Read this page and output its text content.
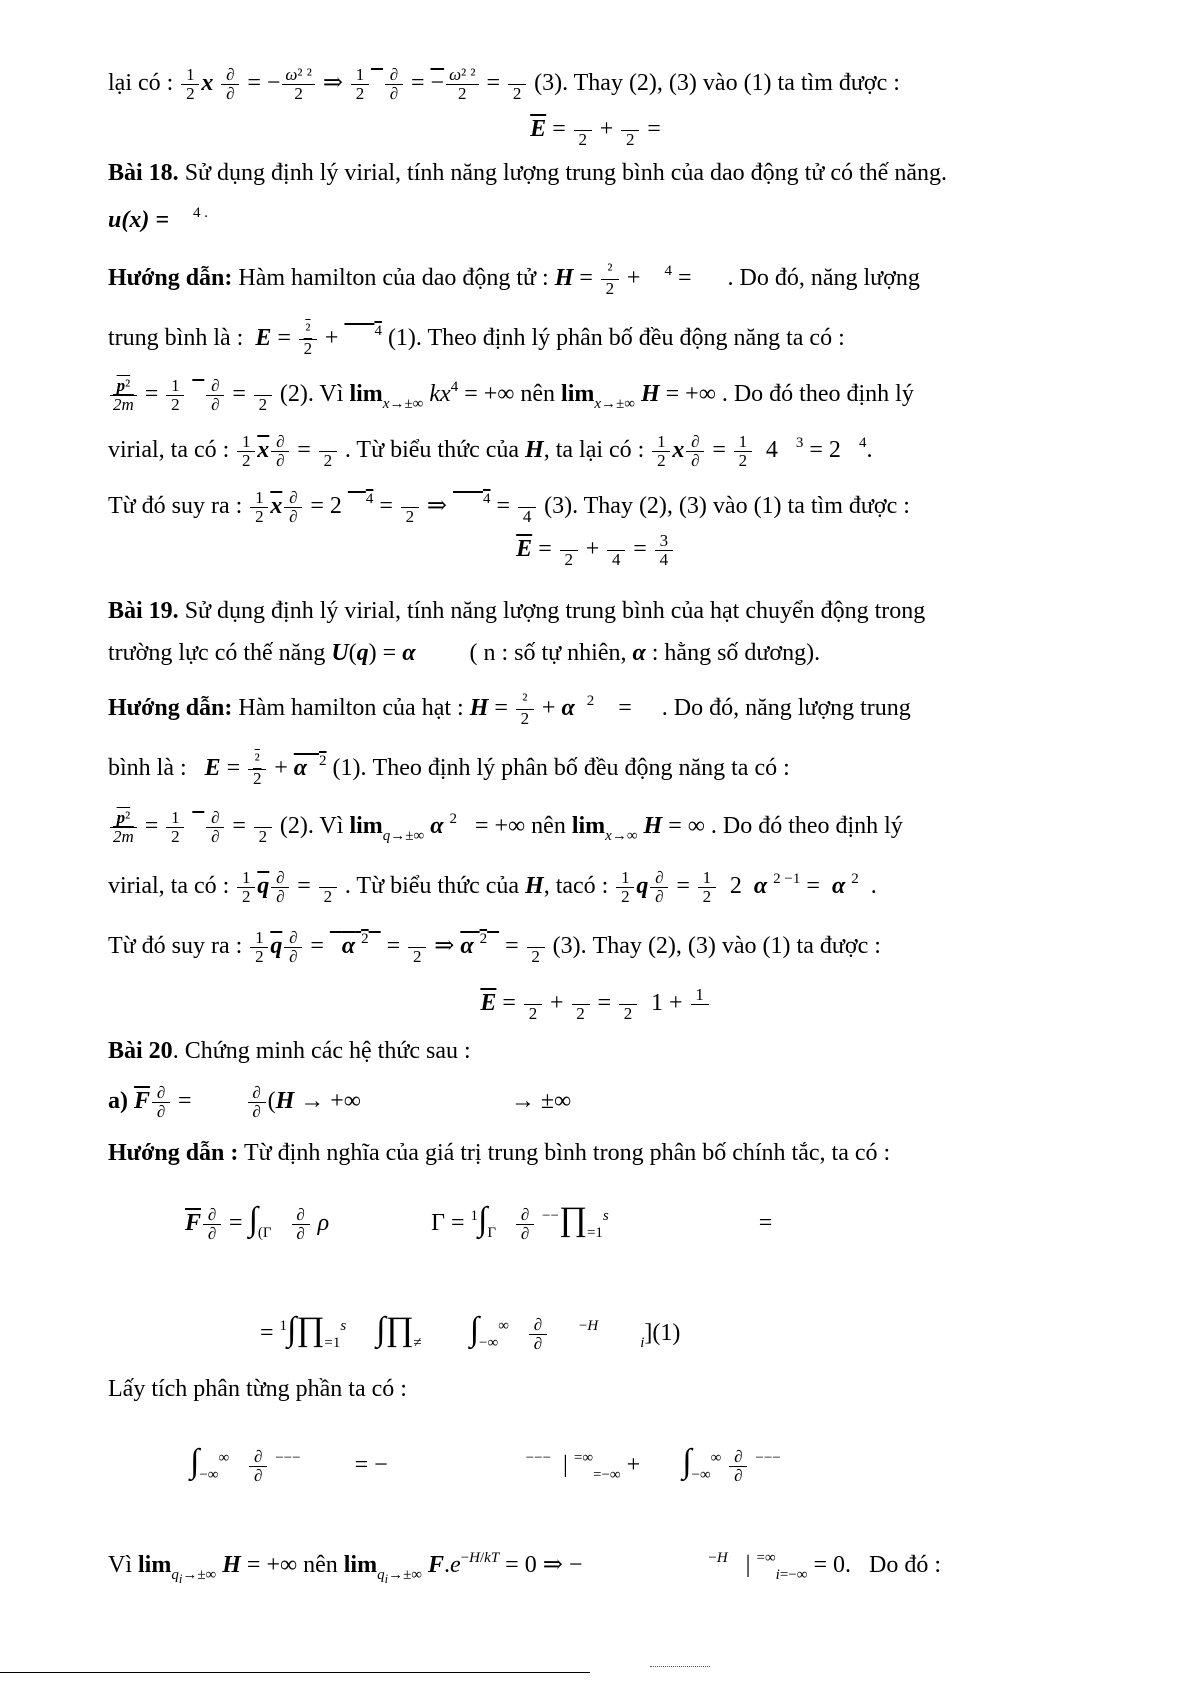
lại có : $\frac{1}{2}$ x $\frac{\partial}{\partial}$ = − $\frac{\text{ω² ²}}{2}$ ⇒ $\frac{1}{2}$
$\frac{\partial}{\partial}$ = − $\frac{\text{ω² ²}}{2}$ =
2 (3). Thay (2), (3) vào (1) ta tìm được :
$\overline{E}$ =
2 +
2 =
Bài 18. Sử dụng định lý virial, tính năng lượng trung bình của dao động tử có thế năng.
u(x) = $^{4 .}$
Hướng dẫn: Hàm hamilton của dao động tử : $H = \frac{\text{²}}{2}$ +    $^4$ =      . Do đó, năng lượng
trung bình là : $E = \frac{\text{²}}{2}$ +      $^4$ (1). Theo định lý phân bố đều động năng ta có :
$\frac{\text{p²}}{2m} = \frac{1}{2}$
$\frac{\partial}{\partial}$ =
2 (2). Vì $\lim_{x\to\pm\infty} kx^4$ = +∞ nên $\lim_{x\to\pm\infty} H$ = +∞ . Do đó theo định lý
virial, ta có : $\frac{1}{2}$ x $\frac{\partial}{\partial}$ =
2 . Từ biểu thức của H, ta lại có : $\frac{1}{2}$ x $\frac{\partial}{\partial} = \frac{1}{2} 4$   $^3$ = 2   $^4$.
Từ đó suy ra : $\frac{1}{2}$ x $\frac{\partial}{\partial} = 2$    $^4$ =
2 ⇒      $^4$ =
4 (3). Thay (2), (3) vào (1) ta tìm được :
$\overline{E}$ =
2 +
$4 = \frac{3}{4}$
Bài 19. Sử dụng định lý virial, tính năng lượng trung bình của hạt chuyển động trong
trường lực có thế năng U(q) = α ( n : số tự nhiên, α : hằng số dương).
Hướng dẫn: Hàm hamilton của hạt : $H = \frac{\text{²}}{2} + \alpha$ $^2$    =     . Do đó, năng lượng trung
bình là : $E = \frac{\text{²}}{2} + \alpha$ $^2$ (1). Theo định lý phân bố đều động năng ta có :
$\frac{\text{p²}}{2m} = \frac{1}{2}$
$\frac{\partial}{\partial}$ =
2 (2). Vì $\lim_{q\to\pm\infty} \alpha$ $^2$   = +∞ nên $\lim_{x\to\infty} H$ = ∞ . Do đó theo định lý
virial, ta có : $\frac{1}{2}$ q $\frac{\partial}{\partial}$ =
2 . Từ biểu thức của H, tacó : $\frac{1}{2}$ q $\frac{\partial}{\partial} = \frac{1}{2} 2$  α $^{2 -1}$ =  α $^2$  .
Từ đó suy ra : $\frac{1}{2}$ q $\frac{\partial}{\partial} = \alpha$ $^2$   =
2 ⇒ α $^2$   =
2 (3). Thay (2), (3) vào (1) ta được :
$\overline{E}$ =
2 +
2 =
2 1 + 1

Bài 20. Chứng minh các hệ thức sau :
a) F $\frac{\partial}{\partial} = \frac{\partial}{\partial} (H$ → +∞                         → ±∞
Hướng dẫn : Từ định nghĩa của giá trị trung bình trong phân bố chính tắc, ta có :
F $\frac{\partial}{\partial} = \int_{(\Gamma} \frac{\partial}{\partial}$ ρ                 $\Gamma = ^1\int_\Gamma \frac{\partial}{\partial}$ $^{--}\prod_{=1}^s$                         =
= $^1\int\prod_{=1}^s$ $\int\prod_\ne$ $\int_{-\infty}^\infty \frac{\partial}{\partial} ^{-H}$       $_i$](1)
Lấy tích phân từng phần ta có :
$\int_{-\infty}^\infty \frac{\partial}{\partial} ^{---}$         = −                       −−−  | =∞$_{=-\infty}$ +       $\int_{-\infty}^\infty \frac{\partial}{\partial} ^{---}$
Vì $\lim_{q_i\to\pm\infty} H$ = +∞ nên $\lim_{q_i\to\pm\infty} F.e^{-H/kT} = 0$ ⇒ −                     $^{-H}$   | =∞$_{i=-\infty}$ = 0.   Do đó :
